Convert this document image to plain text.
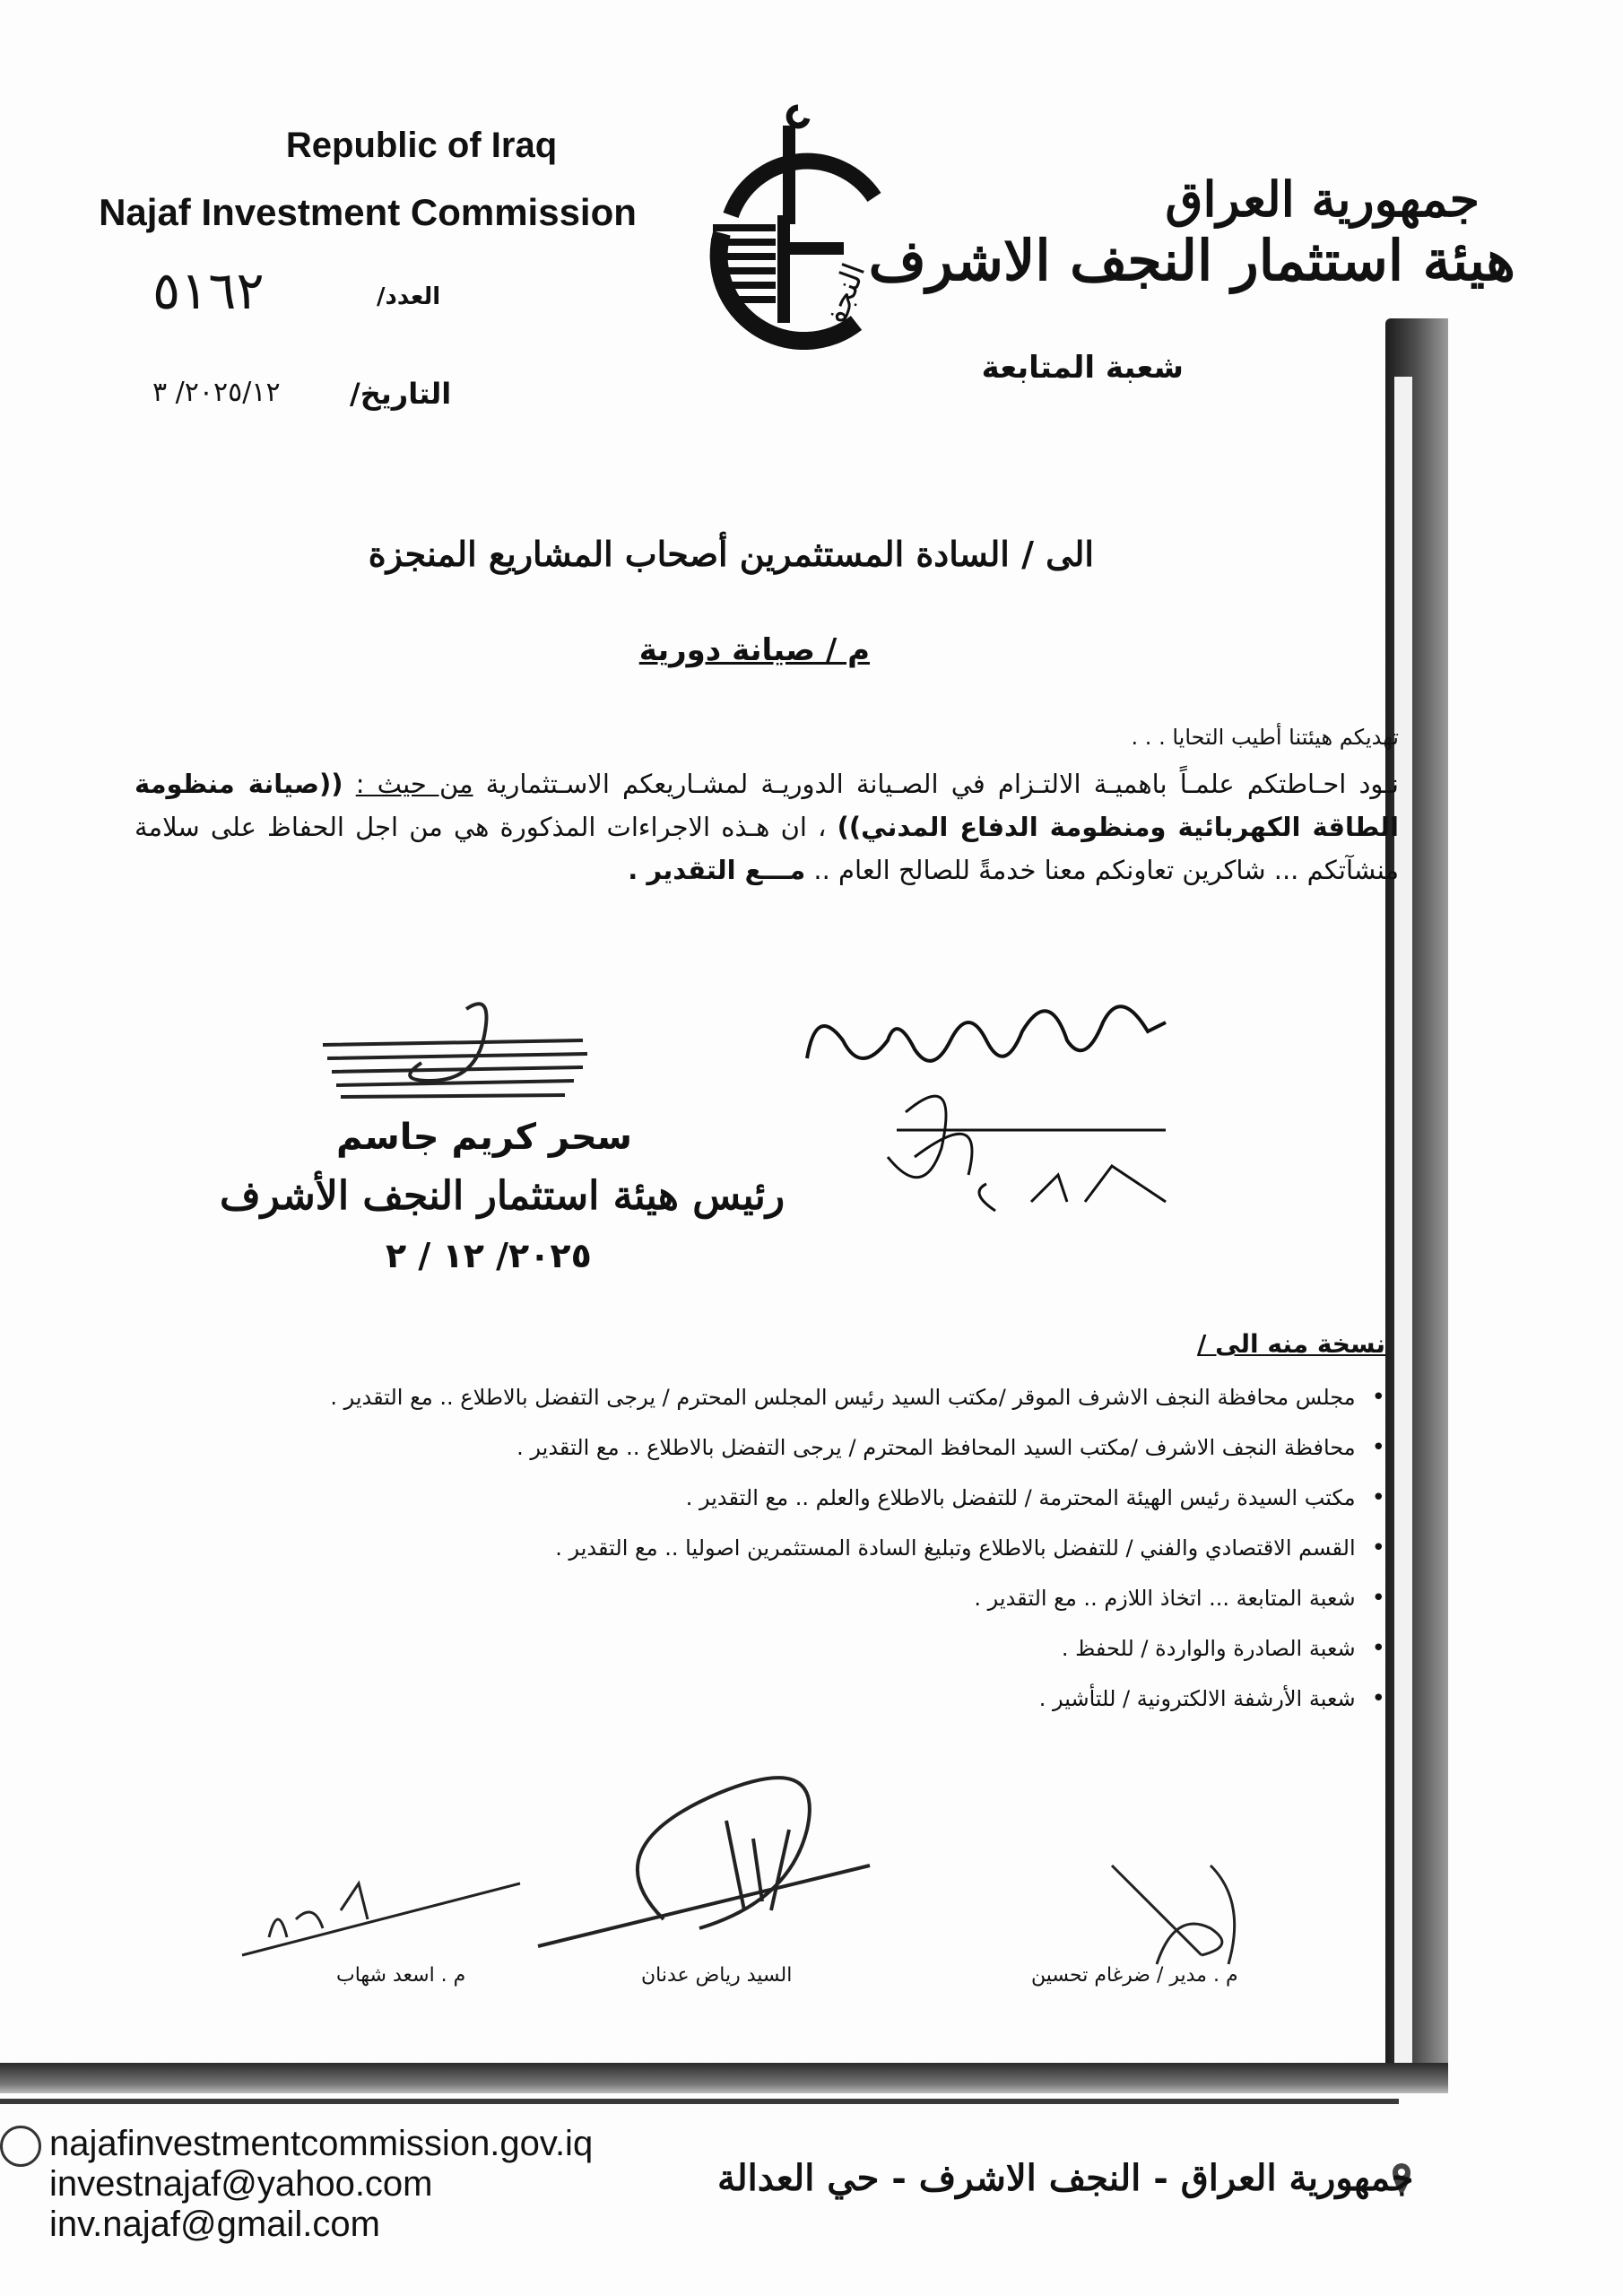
Republic of Iraq
Najaf Investment Commission
النجف
جمهورية العراق
هيئة استثمار النجف الاشرف
شعبة المتابعة
العدد/
٥١٦٢
التاريخ/
٢٠٢٥/١٢/ ٣
الى / السادة المستثمرين أصحاب المشاريع المنجزة
م / صيانة دورية
تهديكم هيئتنا أطيب التحايا . . .
نـود احـاطتكم علمـاً باهميـة الالتـزام في الصـيانة الدوريـة لمشـاريعكم الاسـتثمارية من حيث : ((صيانة منظومة الطاقة الكهربائية ومنظومة الدفاع المدني)) ، ان هـذه الاجراءات المذكورة هي من اجل الحفاظ على سلامة منشآتكم ... شاكرين تعاونكم معنا خدمةً للصالح العام .. مـــع التقدير .
سحر كريم جاسم
رئيس هيئة استثمار النجف الأشرف
٢٠٢٥/ ١٢ / ٢
نسخة منه الى /
• مجلس محافظة النجف الاشرف الموقر /مكتب السيد رئيس المجلس المحترم / يرجى التفضل بالاطلاع .. مع التقدير .
• محافظة النجف الاشرف /مكتب السيد المحافظ المحترم / يرجى التفضل بالاطلاع .. مع التقدير .
• مكتب السيدة رئيس الهيئة المحترمة / للتفضل بالاطلاع والعلم .. مع التقدير .
• القسم الاقتصادي والفني / للتفضل بالاطلاع وتبليغ السادة المستثمرين اصوليا .. مع التقدير .
• شعبة المتابعة ... اتخاذ اللازم .. مع التقدير .
• شعبة الصادرة والواردة / للحفظ .
• شعبة الأرشفة الالكترونية / للتأشير .
م . اسعد شهاب	السيد رياض عدنان	م . مدير / ضرغام تحسين
najafinvestmentcommission.gov.iq
investnajaf@yahoo.com
inv.najaf@gmail.com
جمهورية العراق - النجف الاشرف - حي العدالة
